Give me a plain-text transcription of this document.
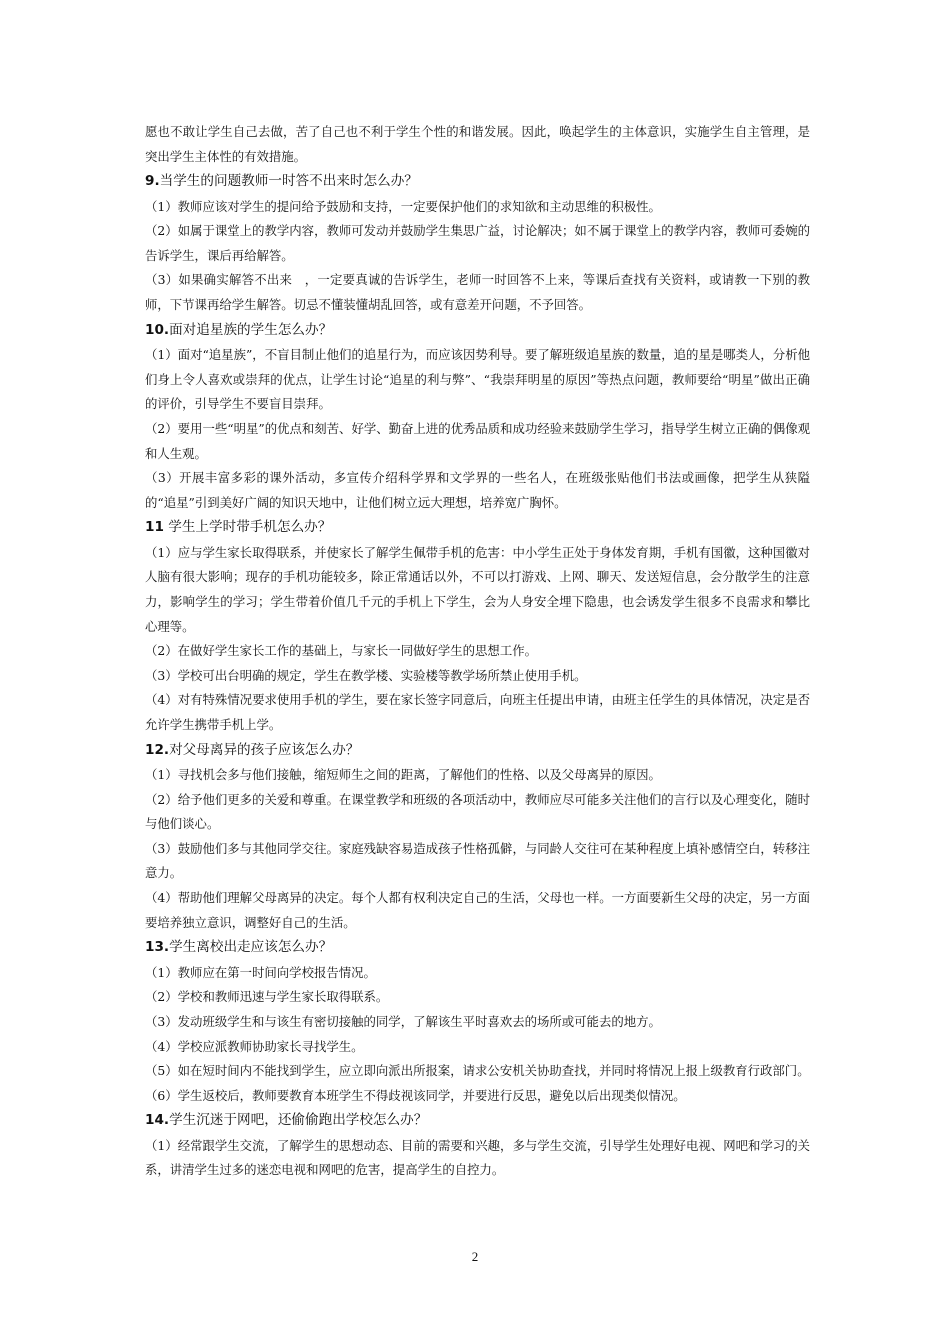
愿也不敢让学生自己去做，苦了自己也不利于学生个性的和谐发展。因此，唤起学生的主体意识，实施学生自主管理，是突出学生主体性的有效措施。

9.当学生的问题教师一时答不出来时怎么办？

（1）教师应该对学生的提问给予鼓励和支持，一定要保护他们的求知欲和主动思维的积极性。

（2）如属于课堂上的教学内容，教师可发动并鼓励学生集思广益，讨论解决；如不属于课堂上的教学内容，教师可委婉的告诉学生，课后再给解答。

（3）如果确实解答不出来　，一定要真诚的告诉学生，老师一时回答不上来，等课后查找有关资料，或请教一下别的教师，下节课再给学生解答。切忌不懂装懂胡乱回答，或有意差开问题，不予回答。

10.面对追星族的学生怎么办？

（1）面对“追星族”，不盲目制止他们的追星行为，而应该因势利导。要了解班级追星族的数量，追的星是哪类人，分析他们身上令人喜欢或崇拜的优点，让学生讨论“追星的利与弊”、“我崇拜明星的原因”等热点问题，教师要给“明星”做出正确的评价，引导学生不要盲目崇拜。

（2）要用一些“明星”的优点和刻苦、好学、勤奋上进的优秀品质和成功经验来鼓励学生学习，指导学生树立正确的偶像观和人生观。

（3）开展丰富多彩的课外活动，多宣传介绍科学界和文学界的一些名人，在班级张贴他们书法或画像，把学生从狭隘的“追星”引到美好广阔的知识天地中，让他们树立远大理想，培养宽广胸怀。

11 学生上学时带手机怎么办？

（1）应与学生家长取得联系，并使家长了解学生佩带手机的危害：中小学生正处于身体发育期，手机有国徽，这种国徽对人脑有很大影响；现存的手机功能较多，除正常通话以外，不可以打游戏、上网、聊天、发送短信息，会分散学生的注意力，影响学生的学习；学生带着价值几千元的手机上下学生，会为人身安全埋下隐患，也会诱发学生很多不良需求和攀比心理等。

（2）在做好学生家长工作的基础上，与家长一同做好学生的思想工作。

（3）学校可出台明确的规定，学生在教学楼、实验楼等教学场所禁止使用手机。

（4）对有特殊情况要求使用手机的学生，要在家长签字同意后，向班主任提出申请，由班主任学生的具体情况，决定是否允许学生携带手机上学。

12.对父母离异的孩子应该怎么办？

（1）寻找机会多与他们接触，缩短师生之间的距离，了解他们的性格、以及父母离异的原因。

（2）给予他们更多的关爱和尊重。在课堂教学和班级的各项活动中，教师应尽可能多关注他们的言行以及心理变化，随时与他们谈心。

（3）鼓励他们多与其他同学交往。家庭残缺容易造成孩子性格孤僻，与同龄人交往可在某种程度上填补感情空白，转移注意力。

（4）帮助他们理解父母离异的决定。每个人都有权利决定自己的生活，父母也一样。一方面要新生父母的决定，另一方面要培养独立意识，调整好自己的生活。

13.学生离校出走应该怎么办？

（1）教师应在第一时间向学校报告情况。

（2）学校和教师迅速与学生家长取得联系。

（3）发动班级学生和与该生有密切接触的同学，了解该生平时喜欢去的场所或可能去的地方。

（4）学校应派教师协助家长寻找学生。

（5）如在短时间内不能找到学生，应立即向派出所报案，请求公安机关协助查找，并同时将情况上报上级教育行政部门。

（6）学生返校后，教师要教育本班学生不得歧视该同学，并要进行反思，避免以后出现类似情况。

14.学生沉迷于网吧，还偷偷跑出学校怎么办？

（1）经常跟学生交流，了解学生的思想动态、目前的需要和兴趣，多与学生交流，引导学生处理好电视、网吧和学习的关系，讲清学生过多的迷恋电视和网吧的危害，提高学生的自控力。

2
